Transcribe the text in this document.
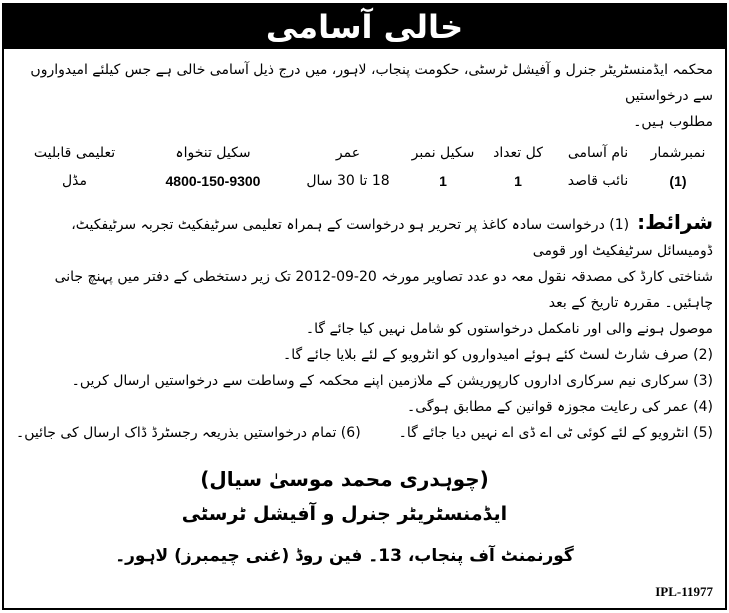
خالی آسامی
محکمہ ایڈمنسٹریٹر جنرل و آفیشل ٹرسٹی، حکومت پنجاب، لاہور، میں درج ذیل آسامی خالی ہے جس کیلئے امیدواروں سے درخواستیں
مطلوب ہیں۔
نمبرشمار
نام آسامی
کل تعداد
سکیل نمبر
عمر
سکیل تنخواہ
تعلیمی قابلیت
(1)
نائب قاصد
1
1
18 تا 30 سال
4800-150-9300
مڈل
شرائط:(1) درخواست سادہ کاغذ پر تحریر ہو درخواست کے ہمراہ تعلیمی سرٹیفکیٹ تجربہ سرٹیفکیٹ، ڈومیسائل سرٹیفکیٹ اور قومی
شناختی کارڈ کی مصدقہ نقول معہ دو عدد تصاویر مورخہ 20-09-2012 تک زیر دستخطی کے دفتر میں پہنچ جانی چاہئیں۔ مقررہ تاریخ کے بعد
موصول ہونے والی اور نامکمل درخواستوں کو شامل نہیں کیا جائے گا۔
(2) صرف شارٹ لسٹ کئے ہوئے امیدواروں کو انٹرویو کے لئے بلایا جائے گا۔
(3) سرکاری نیم سرکاری اداروں کارپوریشن کے ملازمین اپنے محکمہ کے وساطت سے درخواستیں ارسال کریں۔
(4) عمر کی رعایت مجوزہ قوانین کے مطابق ہوگی۔
(5) انٹرویو کے لئے کوئی ٹی اے ڈی اے نہیں دیا جائے گا۔
(6) تمام درخواستیں بذریعہ رجسٹرڈ ڈاک ارسال کی جائیں۔
(چوہدری محمد موسیٰ سیال)
ایڈمنسٹریٹر جنرل و آفیشل ٹرسٹی
گورنمنٹ آف پنجاب، 13۔ فین روڈ (غنی چیمبرز) لاہور۔
IPL-11977
